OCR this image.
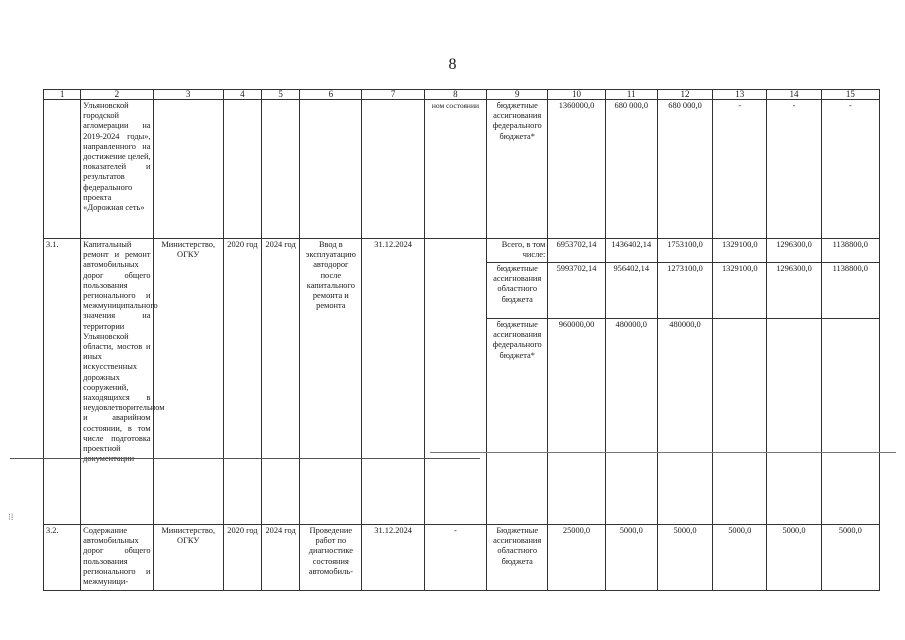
8
1	2	3	4	5	6	7	8	9	10	11	12	13	14	15
	Ульяновской городской агломерации на 2019-2024 годы», направленного на достижение целей, показателей и результатов федерального проекта «Дорожная сеть»						ном состоянии	бюджетные ассигнования федерального бюджета*	1360000,0	680 000,0	680 000,0	-	-	-
3.1.	Капитальный ремонт и ремонт автомобильных дорог общего пользования регионального и межмуниципального значения на территории Ульяновской области, мостов и иных искусственных дорожных сооружений, находящихся в неудовлетворительном и аварийном состоянии, в том числе подготовка проектной	Министерство, ОГКУ	2020 год	2024 год	Ввод в эксплуатацию автодорог после капитального ремонта и ремонта	31.12.2024		Всего, в том числе:	6953702,14	1436402,14	1753100,0	1329100,0	1296300,0	1138800,0
								бюджетные ассигнования областного бюджета	5993702,14	956402,14	1273100,0	1329100,0	1296300,0	1138800,0
								бюджетные ассигнования федерального бюджета*	960000,00	480000,0	480000,0			

3.2.	Содержание автомобильных дорог общего пользования регионального и межмуници-	Министерство, ОГКУ	2020 год	2024 год	Проведение работ по диагностике состояния автомобиль-	31.12.2024	-	Бюджетные ассигнования областного бюджета	25000,0	5000,0	5000,0	5000,0	5000,0	5000,0
⁝⁞
